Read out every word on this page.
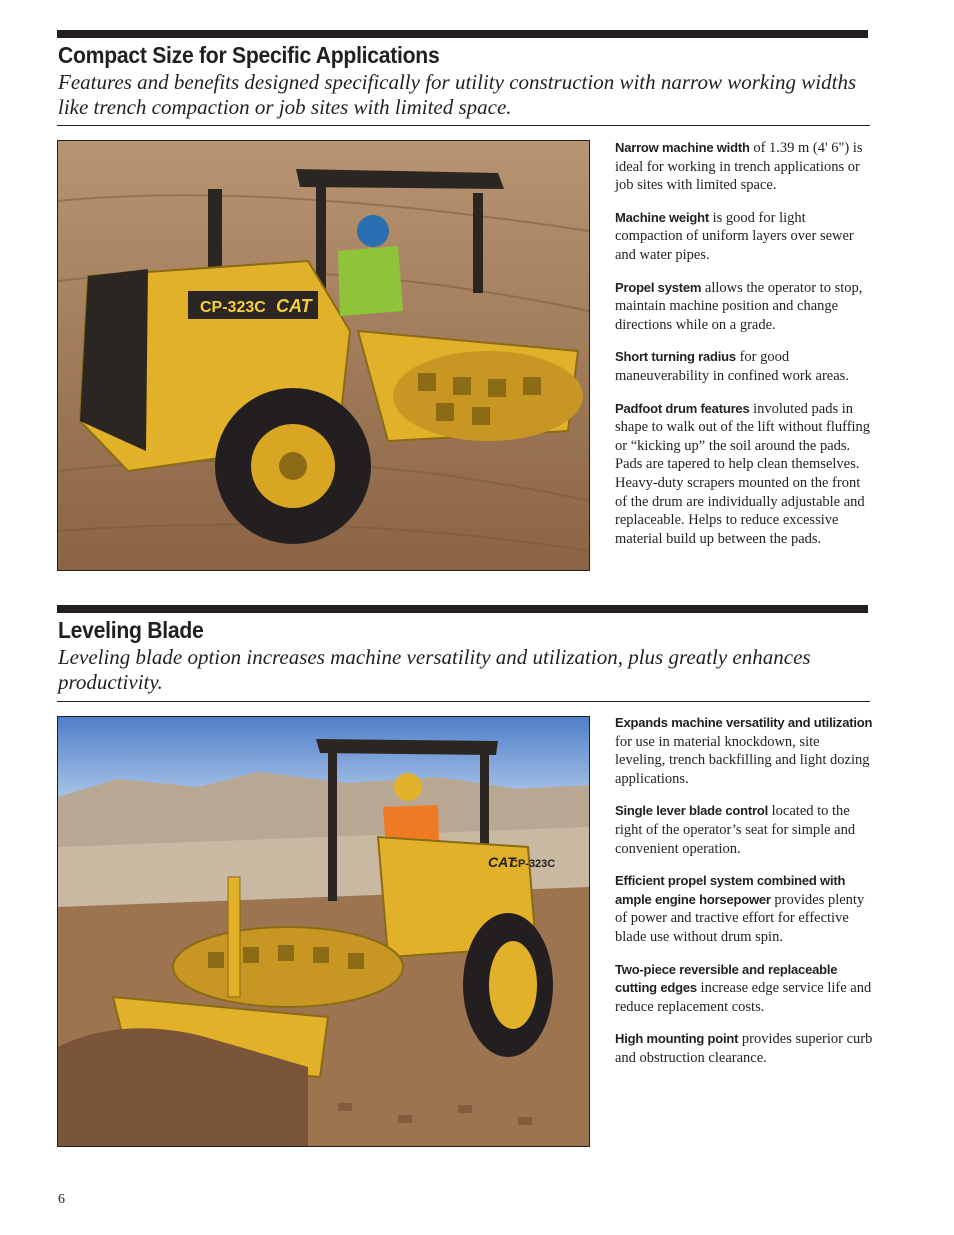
Compact Size for Specific Applications
Features and benefits designed specifically for utility construction with narrow working widths like trench compaction or job sites with limited space.
CP-323C CAT

Narrow machine width of 1.39 m (4' 6") is ideal for working in trench applications or job sites with limited space.

Machine weight is good for light compaction of uniform layers over sewer and water pipes.

Propel system allows the operator to stop, maintain machine position and change directions while on a grade.

Short turning radius for good maneuverability in confined work areas.

Padfoot drum features involuted pads in shape to walk out of the lift without fluffing or “kicking up” the soil around the pads. Pads are tapered to help clean themselves. Heavy-duty scrapers mounted on the front of the drum are individually adjustable and replaceable. Helps to reduce excessive material build up between the pads.

Leveling Blade
Leveling blade option increases machine versatility and utilization, plus greatly enhances productivity.
CAT
CP-323C

Expands machine versatility and utilization for use in material knockdown, site leveling, trench backfilling and light dozing applications.

Single lever blade control located to the right of the operator’s seat for simple and convenient operation.

Efficient propel system combined with ample engine horsepower provides plenty of power and tractive effort for effective blade use without drum spin.

Two-piece reversible and replaceable cutting edges increase edge service life and reduce replacement costs.

High mounting point provides superior curb and obstruction clearance.

6
